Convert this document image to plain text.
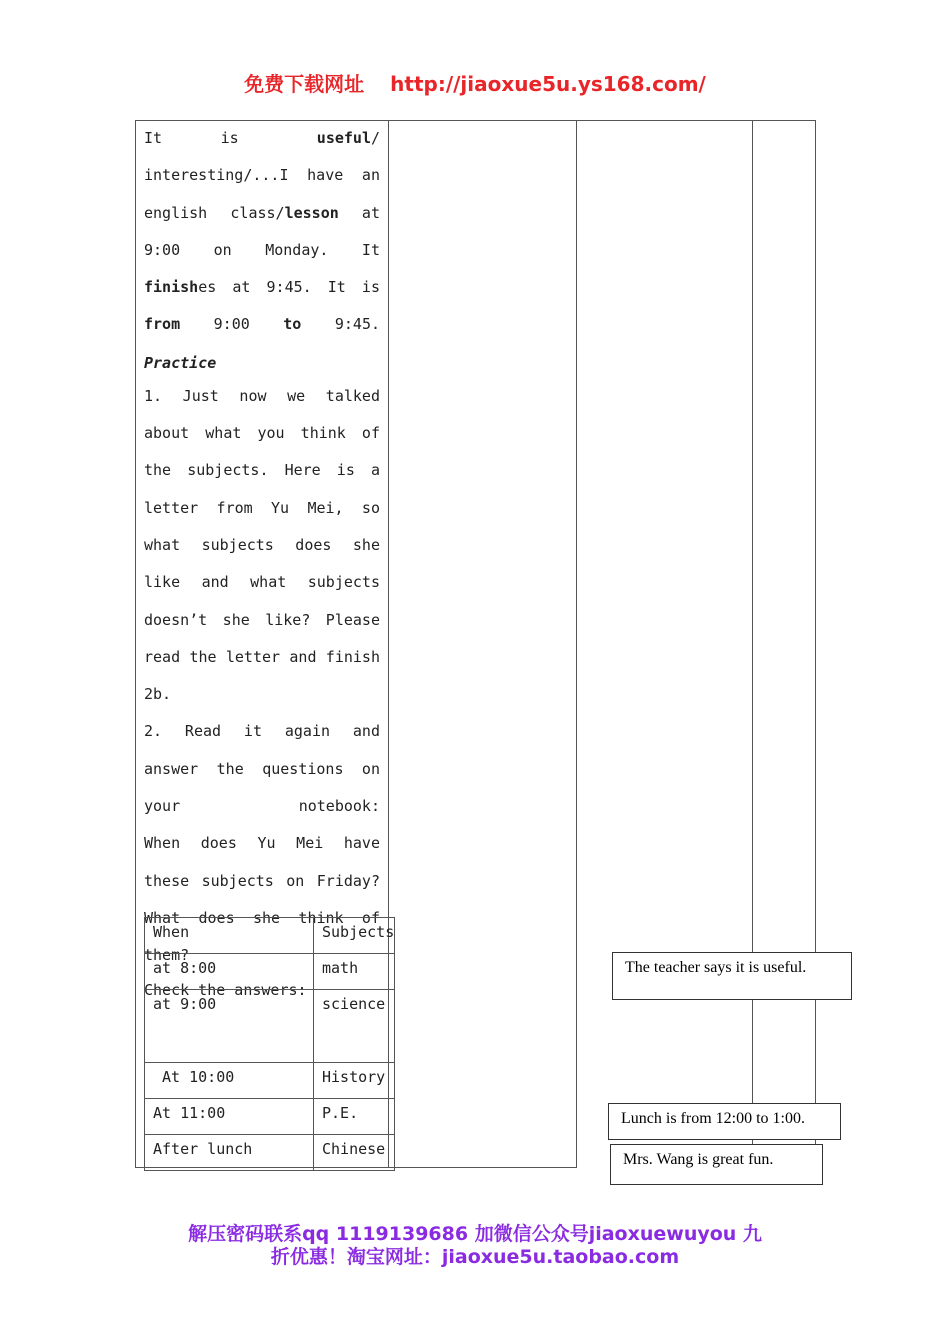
免费下载网址 http://jiaoxue5u.ys168.com/
It	is	useful/ interesting/...I have an english class/lesson at 9:00 on Monday. It finishes at 9:45. It is from 9:00 to 9:45.
Practice
1. Just now we talked about what you think of the subjects. Here is a letter from Yu Mei, so what subjects does she like and what subjects doesn’t she like? Please read the letter and finish 2b.
2. Read it again and answer the questions on your notebook:
When does Yu Mei have these subjects on Friday? What does she think of them?
Check the answers:
When	Subjects
at 8:00	math
at 9:00	science
At 10:00	History
At 11:00	P.E.
After lunch	Chinese
The teacher says it is useful.
Lunch is from 12:00 to 1:00.
Mrs. Wang is great fun.
解压密码联系qq 1119139686 加微信公众号jiaoxuewuyou 九
折优惠！淘宝网址：jiaoxue5u.taobao.com
